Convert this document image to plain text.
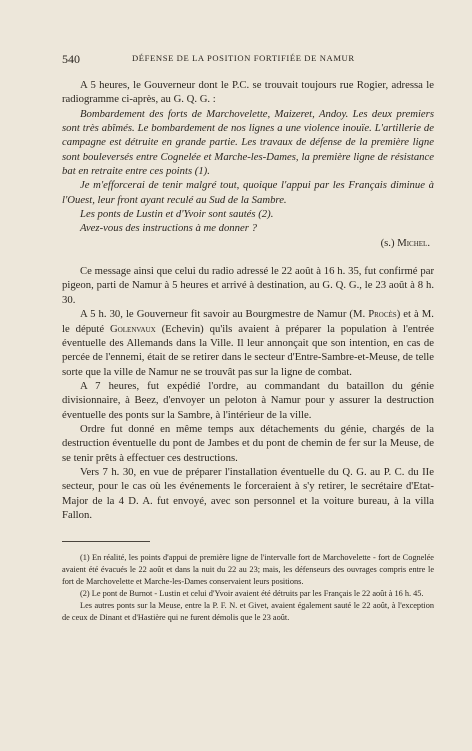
540	DÉFENSE DE LA POSITION FORTIFIÉE DE NAMUR

A 5 heures, le Gouverneur dont le P.C. se trouvait toujours rue Rogier, adressa le radiogramme ci-après, au G. Q. G. :

Bombardement des forts de Marchovelette, Maizeret, Andoy. Les deux premiers sont très abîmés. Le bombardement de nos lignes a une violence inouïe. L'artillerie de campagne est détruite en grande partie. Les travaux de défense de la première ligne sont bouleversés entre Cognelée et Marche-les-Dames, la première ligne de résistance bat en retraite entre ces points (1).

Je m'efforcerai de tenir malgré tout, quoique l'appui par les Français diminue à l'Ouest, leur front ayant reculé au Sud de la Sambre.

Les ponts de Lustin et d'Yvoir sont sautés (2).

Avez-vous des instructions à me donner ?

(s.) Michel.

Ce message ainsi que celui du radio adressé le 22 août à 16 h. 35, fut confirmé par pigeon, parti de Namur à 5 heures et arrivé à destination, au G. Q. G., le 23 août à 8 h. 30.

A 5 h. 30, le Gouverneur fit savoir au Bourgmestre de Namur (M. Procès) et à M. le député Golenvaux (Echevin) qu'ils avaient à préparer la population à l'entrée éventuelle des Allemands dans la Ville. Il leur annonçait que son intention, en cas de percée de l'ennemi, était de se retirer dans le secteur d'Entre-Sambre-et-Meuse, de telle sorte que la ville de Namur ne se trouvât pas sur la ligne de combat.

A 7 heures, fut expédié l'ordre, au commandant du bataillon du génie divisionnaire, à Beez, d'envoyer un peloton à Namur pour y assurer la destruction éventuelle des ponts sur la Sambre, à l'intérieur de la ville.

Ordre fut donné en même temps aux détachements du génie, chargés de la destruction éventuelle du pont de Jambes et du pont de chemin de fer sur la Meuse, de se tenir prêts à effectuer ces destructions.

Vers 7 h. 30, en vue de préparer l'installation éventuelle du Q. G. au P. C. du IIe secteur, pour le cas où les événements le forceraient à s'y retirer, le secrétaire d'Etat-Major de la 4 D. A. fut envoyé, avec son personnel et la voiture bureau, à la villa Fallon.

(1) En réalité, les points d'appui de première ligne de l'intervalle fort de Marchovelette - fort de Cognelée avaient été évacués le 22 août et dans la nuit du 22 au 23; mais, les défenseurs des ouvrages compris entre le fort de Marchovelette et Marche-les-Dames conservaient leurs positions.

(2) Le pont de Burnot - Lustin et celui d'Yvoir avaient été détruits par les Français le 22 août à 16 h. 45.

Les autres ponts sur la Meuse, entre la P. F. N. et Givet, avaient également sauté le 22 août, à l'exception de ceux de Dinant et d'Hastière qui ne furent démolis que le 23 août.
